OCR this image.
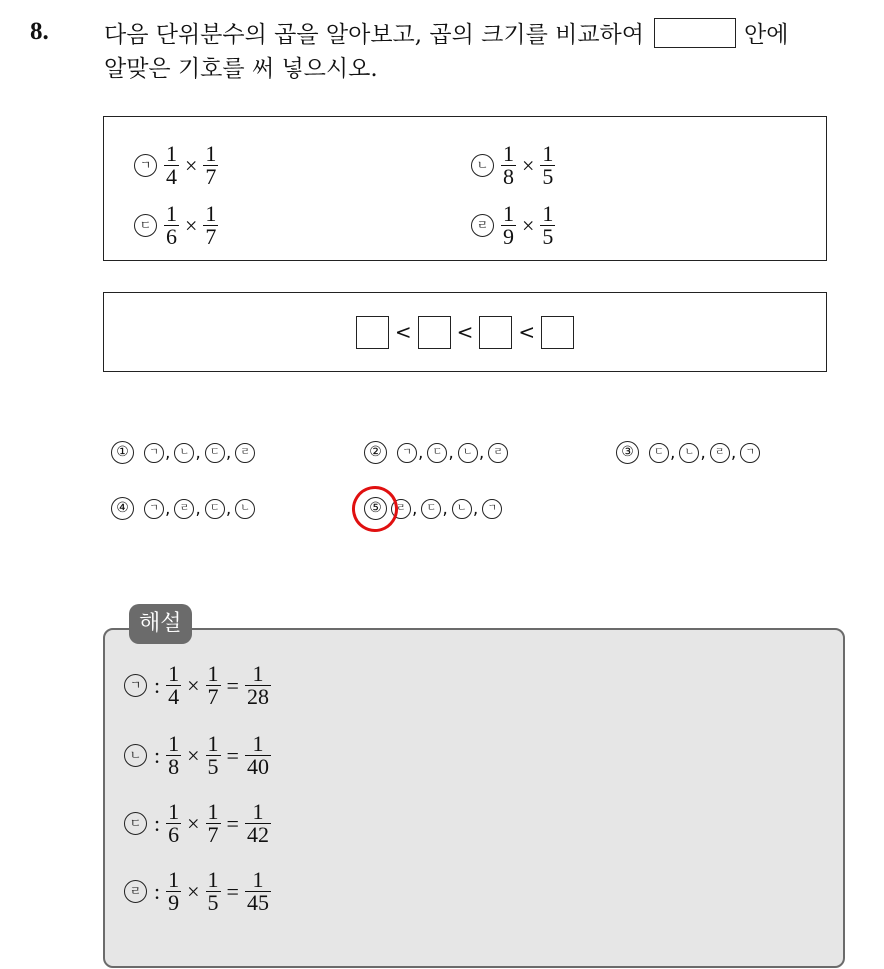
8. 다음 단위분수의 곱을 알아보고, 곱의 크기를 비교하여	안에
알맞은 기호를 써 넣으시오.
ㄱ $\frac{1}{4} \times \frac{1}{7}$	ㄴ $\frac{1}{8} \times \frac{1}{5}$
ㄷ $\frac{1}{6} \times \frac{1}{7}$	ㄹ $\frac{1}{9} \times \frac{1}{5}$
< < <
①	ㄱ , ㄴ , ㄷ , ㄹ	②	ㄱ , ㄷ , ㄴ , ㄹ	③	ㄷ , ㄴ , ㄹ , ㄱ
④	ㄱ , ㄹ , ㄷ , ㄴ	⑤	ㄹ , ㄷ , ㄴ , ㄱ
해설
ㄱ : $\frac{1}{4} \times \frac{1}{7} = \frac{1}{28}$
ㄴ : $\frac{1}{8} \times \frac{1}{5} = \frac{1}{40}$
ㄷ : $\frac{1}{6} \times \frac{1}{7} = \frac{1}{42}$
ㄹ : $\frac{1}{9} \times \frac{1}{5} = \frac{1}{45}$
